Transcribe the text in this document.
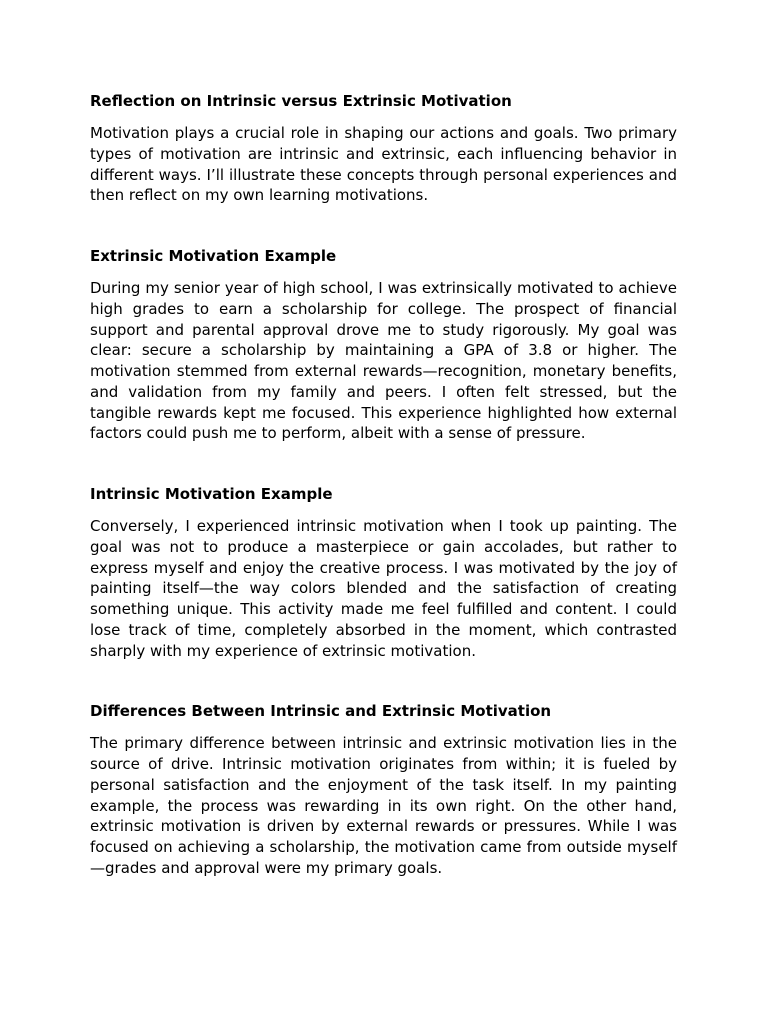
Reflection on Intrinsic versus Extrinsic Motivation

Motivation plays a crucial role in shaping our actions and goals. Two primary types of motivation are intrinsic and extrinsic, each influencing behavior in different ways. I’ll illustrate these concepts through personal experiences and then reflect on my own learning motivations.

Extrinsic Motivation Example

During my senior year of high school, I was extrinsically motivated to achieve high grades to earn a scholarship for college. The prospect of financial support and parental approval drove me to study rigorously. My goal was clear: secure a scholarship by maintaining a GPA of 3.8 or higher. The motivation stemmed from external rewards—recognition, monetary benefits, and validation from my family and peers. I often felt stressed, but the tangible rewards kept me focused. This experience highlighted how external factors could push me to perform, albeit with a sense of pressure.

Intrinsic Motivation Example

Conversely, I experienced intrinsic motivation when I took up painting. The goal was not to produce a masterpiece or gain accolades, but rather to express myself and enjoy the creative process. I was motivated by the joy of painting itself—the way colors blended and the satisfaction of creating something unique. This activity made me feel fulfilled and content. I could lose track of time, completely absorbed in the moment, which contrasted sharply with my experience of extrinsic motivation.

Differences Between Intrinsic and Extrinsic Motivation

The primary difference between intrinsic and extrinsic motivation lies in the source of drive. Intrinsic motivation originates from within; it is fueled by personal satisfaction and the enjoyment of the task itself. In my painting example, the process was rewarding in its own right. On the other hand, extrinsic motivation is driven by external rewards or pressures. While I was focused on achieving a scholarship, the motivation came from outside myself —grades and approval were my primary goals.
